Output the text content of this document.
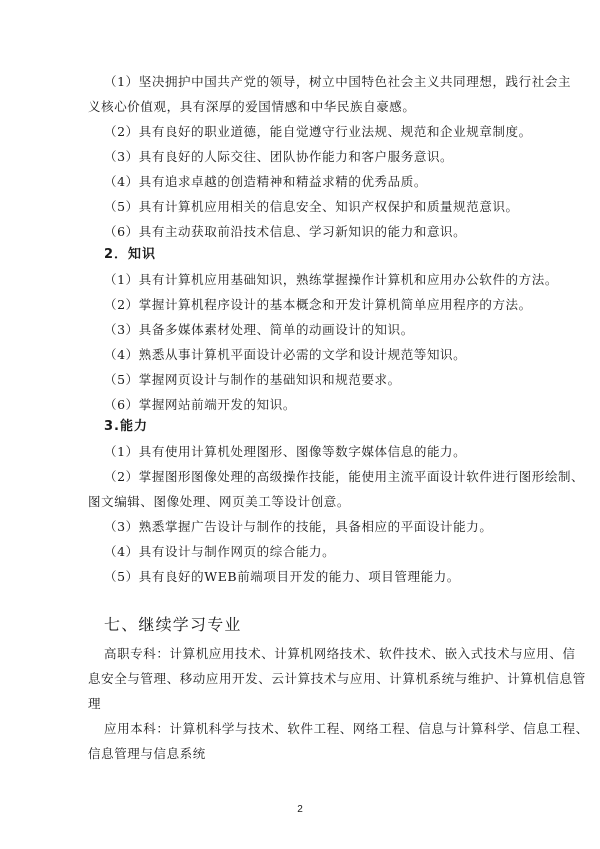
（1）坚决拥护中国共产党的领导，树立中国特色社会主义共同理想，践行社会主
义核心价值观，具有深厚的爱国情感和中华民族自豪感。
（2）具有良好的职业道德，能自觉遵守行业法规、规范和企业规章制度。
（3）具有良好的人际交往、团队协作能力和客户服务意识。
（4）具有追求卓越的创造精神和精益求精的优秀品质。
（5）具有计算机应用相关的信息安全、知识产权保护和质量规范意识。
（6）具有主动获取前沿技术信息、学习新知识的能力和意识。
2．知识
（1）具有计算机应用基础知识，熟练掌握操作计算机和应用办公软件的方法。
（2）掌握计算机程序设计的基本概念和开发计算机简单应用程序的方法。
（3）具备多媒体素材处理、简单的动画设计的知识。
（4）熟悉从事计算机平面设计必需的文学和设计规范等知识。
（5）掌握网页设计与制作的基础知识和规范要求。
（6）掌握网站前端开发的知识。
3.能力
（1）具有使用计算机处理图形、图像等数字媒体信息的能力。
（2）掌握图形图像处理的高级操作技能，能使用主流平面设计软件进行图形绘制、
图文编辑、图像处理、网页美工等设计创意。
（3）熟悉掌握广告设计与制作的技能，具备相应的平面设计能力。
（4）具有设计与制作网页的综合能力。
（5）具有良好的WEB前端项目开发的能力、项目管理能力。
七、继续学习专业
高职专科：计算机应用技术、计算机网络技术、软件技术、嵌入式技术与应用、信
息安全与管理、移动应用开发、云计算技术与应用、计算机系统与维护、计算机信息管
理
应用本科：计算机科学与技术、软件工程、网络工程、信息与计算科学、信息工程、
信息管理与信息系统
2
